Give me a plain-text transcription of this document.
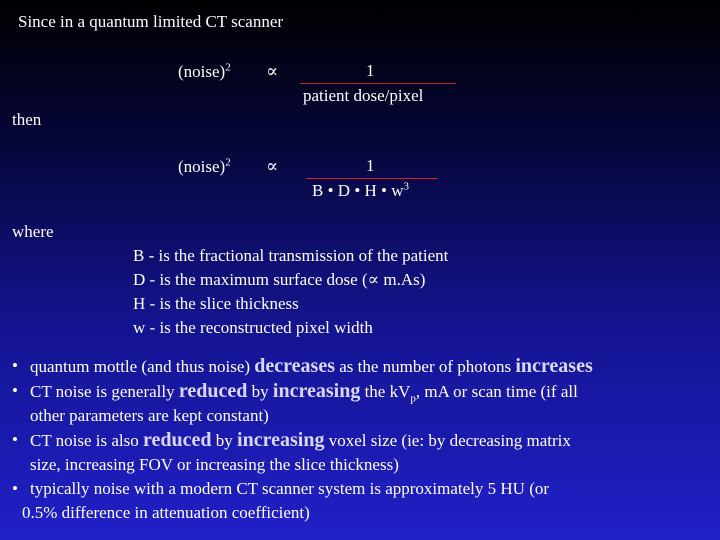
Since in a quantum limited CT scanner
(noise)$^2$ ∝	1
patient dose/pixel
then
(noise)$^2$ ∝	1
B • D • H • $w^3$
where
B - is the fractional transmission of the patient
D - is the maximum surface dose (∝ m.As)
H - is the slice thickness
w - is the reconstructed pixel width
• quantum mottle (and thus noise) decreases as the number of photons increases
• CT noise is generally reduced by increasing the $kV_p$, mA or scan time (if all
other parameters are kept constant)
• CT noise is also reduced by increasing voxel size (ie: by decreasing matrix
size, increasing FOV or increasing the slice thickness)
• typically noise with a modern CT scanner system is approximately 5 HU (or
0.5% difference in attenuation coefficient)
